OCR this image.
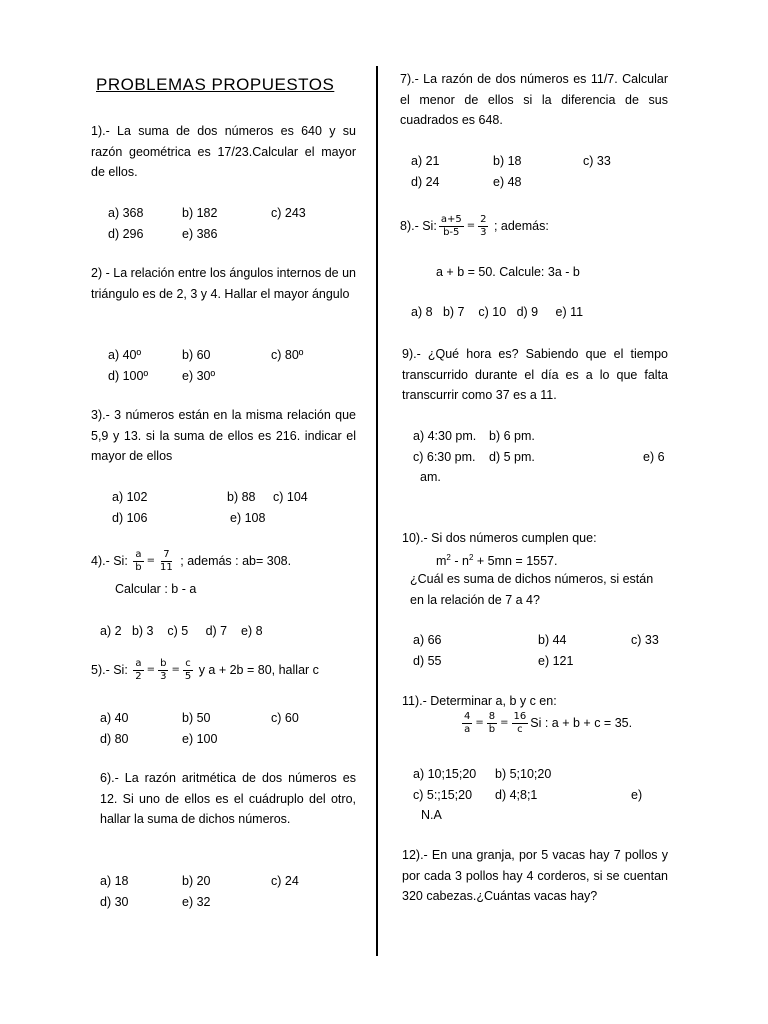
PROBLEMAS PROPUESTOS
1).- La suma de dos números es 640 y su razón geométrica es 17/23.Calcular el mayor de ellos.
a) 368	b) 182	c) 243
d) 296	e) 386
2) - La relación entre los ángulos internos de un triángulo es de 2, 3 y 4. Hallar el mayor ángulo
a) 40º	b) 60	c) 80º
d) 100º	e) 30º
3).- 3 números están en la misma relación que 5,9 y 13. si la suma de ellos es 216. indicar el mayor de ellos
a) 102	b) 88	c) 104
d) 106	e) 108
4).- Si: $\frac{a}{b} = \frac{7}{11}$ ; además : ab= 308.
Calcular : b - a
a) 2   b) 3    c) 5     d) 7    e) 8
5).- Si: $\frac{a}{2} = \frac{b}{3} = \frac{c}{5}$ y a + 2b = 80, hallar c
a) 40	b) 50	c) 60
d) 80	e) 100
6).- La razón aritmética de dos números es 12. Si uno de ellos es el cuádruplo del otro, hallar la suma de dichos números.
a) 18	b) 20	c) 24
d) 30	e) 32
7).- La razón de dos números es 11/7. Calcular el menor de ellos si la diferencia de sus cuadrados es 648.
a) 21	b) 18	c) 33
d) 24	e) 48
8).- Si: $\frac{a+5}{b-5} = \frac{2}{3}$ ; además:
a + b = 50. Calcule: 3a - b
a) 8   b) 7    c) 10   d) 9     e) 11
9).- ¿Qué hora es? Sabiendo que el tiempo transcurrido durante el día es a lo que falta transcurrir como 37 es a 11.
a) 4:30 pm.	b) 6 pm.
c) 6:30 pm.	d) 5 pm.	e) 6
am.
10).- Si dos números cumplen que:
$m^2 - n^2 + 5mn = 1557$.
¿Cuál es suma de dichos números, si están en la relación de 7 a 4?
a) 66	b) 44	c) 33
d) 55	e) 121
11).- Determinar a, b y c en:
$\frac{4}{a} = \frac{8}{b} = \frac{16}{c}$ Si : a + b + c = 35.
a) 10;15;20	b) 5;10;20
c) 5:;15;20	d) 4;8;1	e)
N.A
12).- En una granja, por 5 vacas hay 7 pollos y por cada 3 pollos hay 4 corderos, si se cuentan 320 cabezas.¿Cuántas vacas hay?
